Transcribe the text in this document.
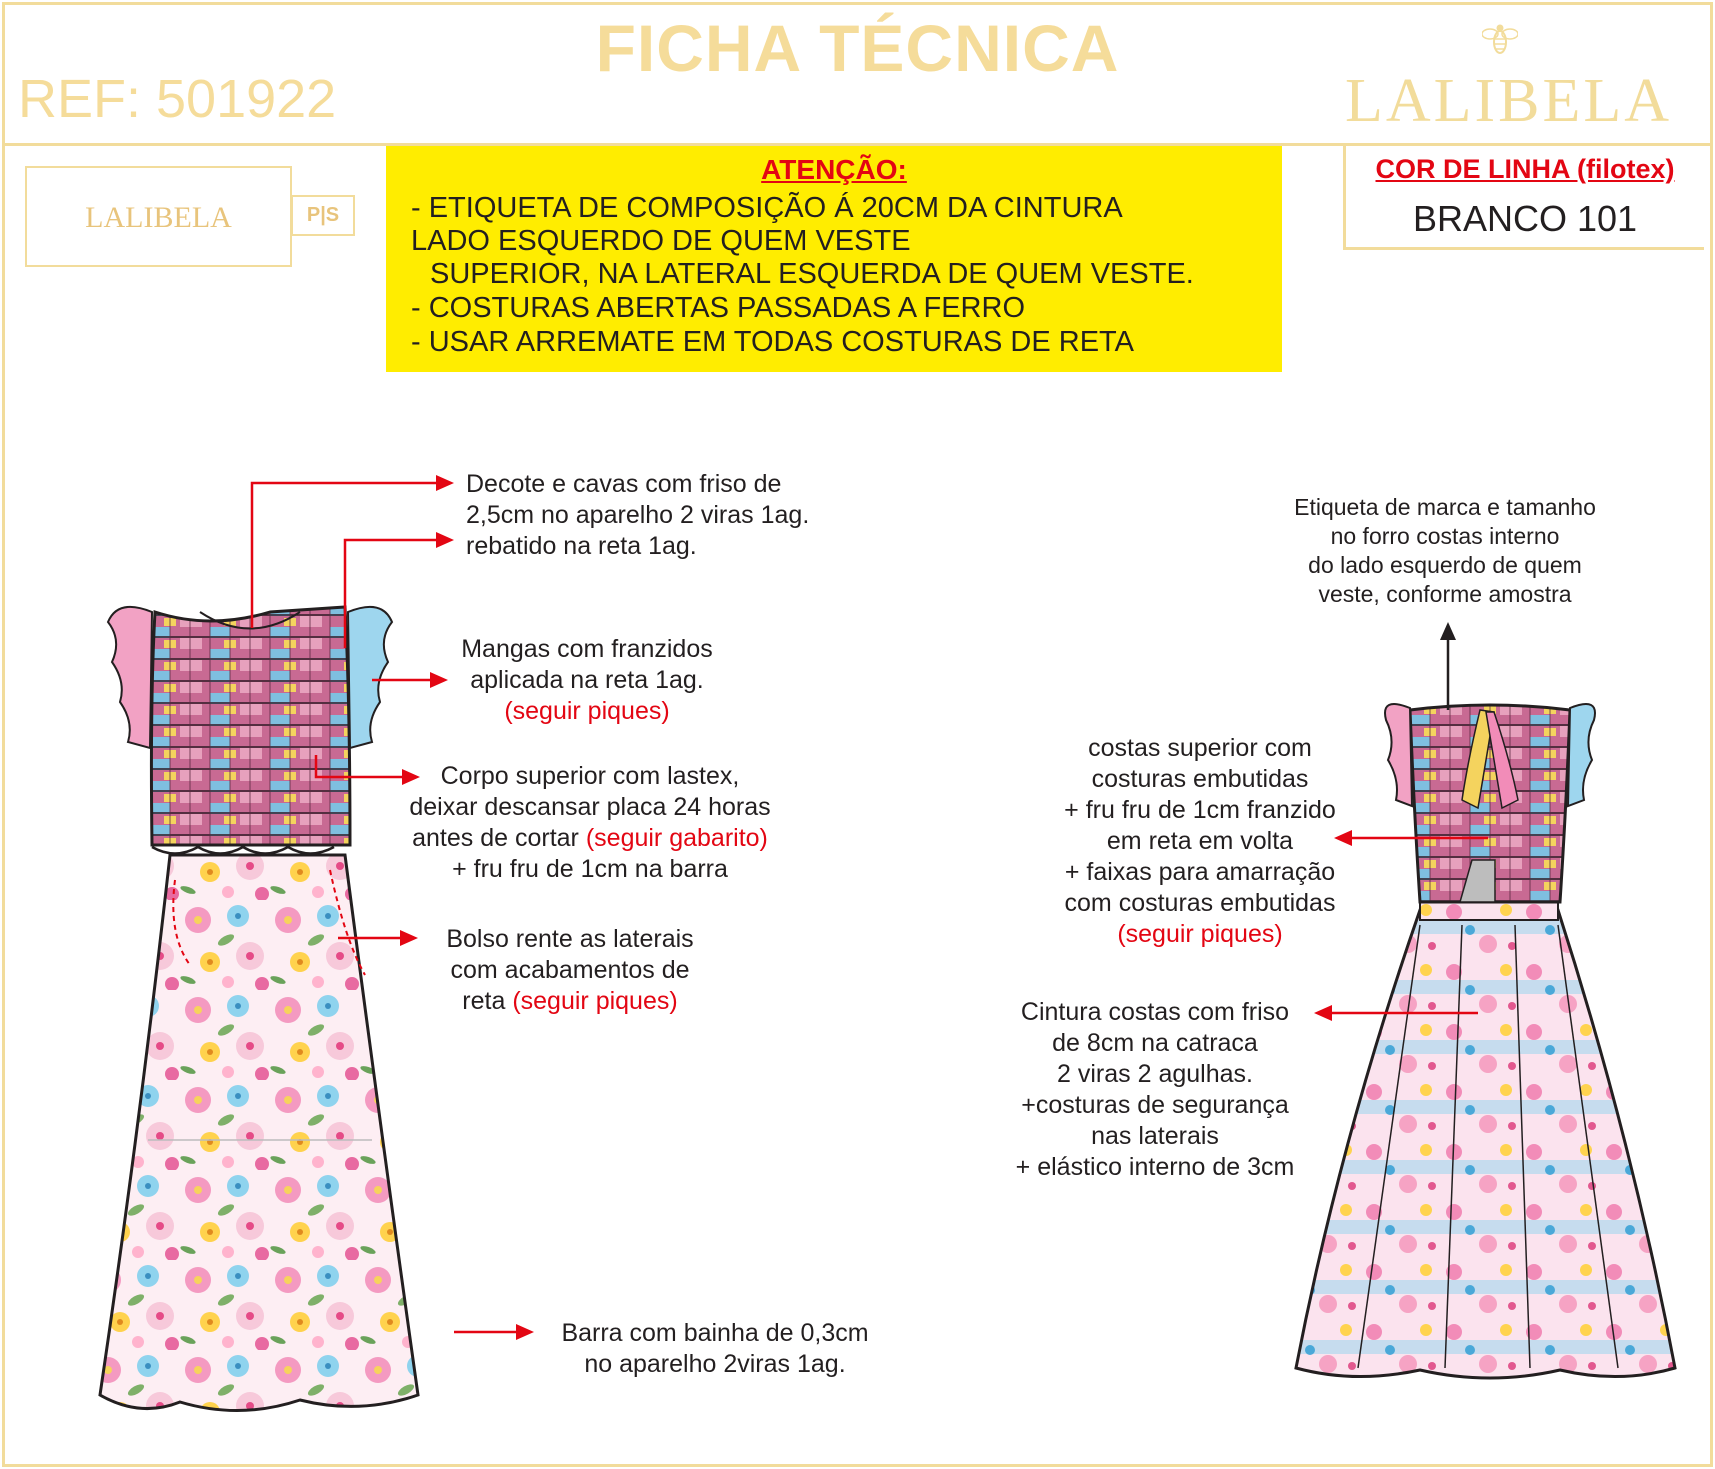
FICHA TÉCNICA
REF: 501922	LALIBELA
LALIBELA	P|S
ATENÇÃO:
- ETIQUETA DE COMPOSIÇÃO Á 20CM DA CINTURA
LADO ESQUERDO DE QUEM VESTE
SUPERIOR, NA LATERAL ESQUERDA DE QUEM VESTE.
- COSTURAS ABERTAS PASSADAS A FERRO
- USAR ARREMATE EM TODAS COSTURAS DE RETA
COR DE LINHA (filotex)
BRANCO 101
Decote e cavas com friso de
2,5cm no aparelho 2 viras 1ag.
rebatido na reta 1ag.
Mangas com franzidos
aplicada na reta 1ag.
(seguir piques)
Corpo superior com lastex,
deixar descansar placa 24 horas
antes de cortar (seguir gabarito)
+ fru fru de 1cm na barra
Bolso rente as laterais
com acabamentos de
reta (seguir piques)
Barra com bainha de 0,3cm
no aparelho 2viras 1ag.
Etiqueta de marca e tamanho
no forro costas interno
do lado esquerdo de quem
veste, conforme amostra
costas superior com
costuras embutidas
+ fru fru de 1cm franzido
em reta em volta
+ faixas para amarração
com costuras embutidas
(seguir piques)
Cintura costas com friso
de 8cm na catraca
2 viras 2 agulhas.
+costuras de segurança
nas laterais
+ elástico interno de 3cm
